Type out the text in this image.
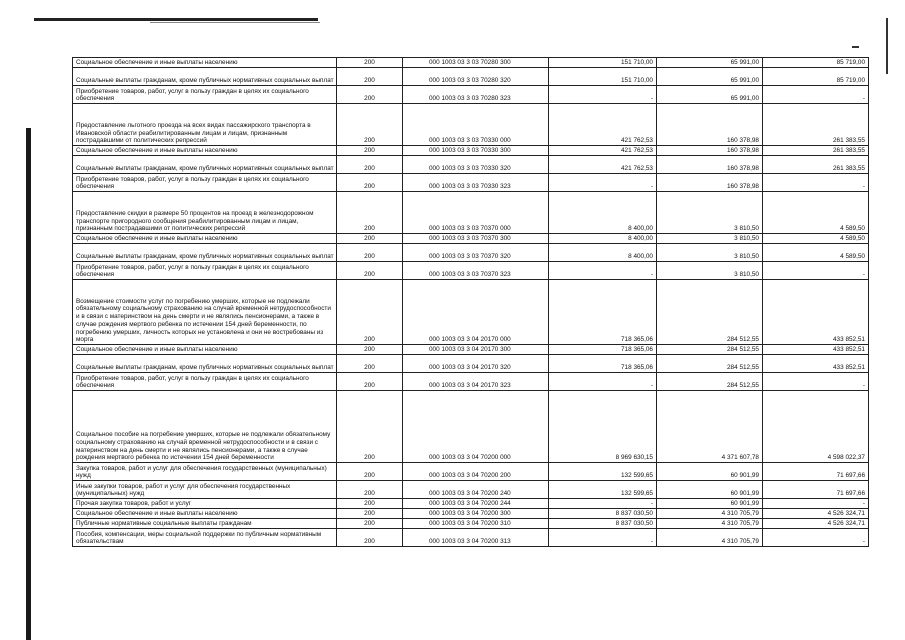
Социальное обеспечение и иные выплаты населению	200	000 1003 03 3 03 70280 300	151 710,00	65 991,00	85 719,00
Социальные выплаты гражданам, кроме публичных нормативных социальных выплат	200	000 1003 03 3 03 70280 320	151 710,00	65 991,00	85 719,00
Приобретение товаров, работ, услуг в пользу граждан в целях их социального обеспечения	200	000 1003 03 3 03 70280 323	-	65 991,00	-
Предоставление льготного проезда на всех видах пассажирского транспорта в Ивановской области реабилитированным лицам и лицам, признанным пострадавшими от политических репрессий	200	000 1003 03 3 03 70330 000	421 762,53	160 378,98	261 383,55
Социальное обеспечение и иные выплаты населению	200	000 1003 03 3 03 70330 300	421 762,53	160 378,98	261 383,55
Социальные выплаты гражданам, кроме публичных нормативных социальных выплат	200	000 1003 03 3 03 70330 320	421 762,53	160 378,98	261 383,55
Приобретение товаров, работ, услуг в пользу граждан в целях их социального обеспечения	200	000 1003 03 3 03 70330 323	-	160 378,98	-
Предоставление скидки в размере 50 процентов на проезд в железнодорожном транспорте пригородного сообщения реабилитированным лицам и лицам, признанным пострадавшими от политических репрессий	200	000 1003 03 3 03 70370 000	8 400,00	3 810,50	4 589,50
Социальное обеспечение и иные выплаты населению	200	000 1003 03 3 03 70370 300	8 400,00	3 810,50	4 589,50
Социальные выплаты гражданам, кроме публичных нормативных социальных выплат	200	000 1003 03 3 03 70370 320	8 400,00	3 810,50	4 589,50
Приобретение товаров, работ, услуг в пользу граждан в целях их социального обеспечения	200	000 1003 03 3 03 70370 323	-	3 810,50	-
Возмещение стоимости услуг по погребению умерших, которые не подлежали обязательному социальному страхованию на случай временной нетрудоспособности и в связи с материнством на день смерти и не являлись пенсионерами, а также в случае рождения мертвого ребенка по истечении 154 дней беременности, по погребению умерших, личность которых не установлена и они не востребованы из морга	200	000 1003 03 3 04 20170 000	718 365,06	284 512,55	433 852,51
Социальное обеспечение и иные выплаты населению	200	000 1003 03 3 04 20170 300	718 365,06	284 512,55	433 852,51
Социальные выплаты гражданам, кроме публичных нормативных социальных выплат	200	000 1003 03 3 04 20170 320	718 365,06	284 512,55	433 852,51
Приобретение товаров, работ, услуг в пользу граждан в целях их социального обеспечения	200	000 1003 03 3 04 20170 323	-	284 512,55	-
Социальное пособие на погребение умерших, которые не подлежали обязательному социальному страхованию на случай временной нетрудоспособности и в связи с материнством на день смерти и не являлись пенсионерами, а также в случае рождения мертвого ребенка по истечении 154 дней беременности	200	000 1003 03 3 04 70200 000	8 969 630,15	4 371 607,78	4 598 022,37
Закупка товаров, работ и услуг для обеспечения государственных (муниципальных) нужд	200	000 1003 03 3 04 70200 200	132 599,65	60 901,99	71 697,66
Иные закупки товаров, работ и услуг для обеспечения государственных (муниципальных) нужд	200	000 1003 03 3 04 70200 240	132 599,65	60 901,99	71 697,66
Прочая закупка товаров, работ и услуг	200	000 1003 03 3 04 70200 244	-	60 901,99	-
Социальное обеспечение и иные выплаты населению	200	000 1003 03 3 04 70200 300	8 837 030,50	4 310 705,79	4 526 324,71
Публичные нормативные социальные выплаты гражданам	200	000 1003 03 3 04 70200 310	8 837 030,50	4 310 705,79	4 526 324,71
Пособия, компенсации, меры социальной поддержки по публичным нормативным обязательствам	200	000 1003 03 3 04 70200 313	-	4 310 705,79	-
